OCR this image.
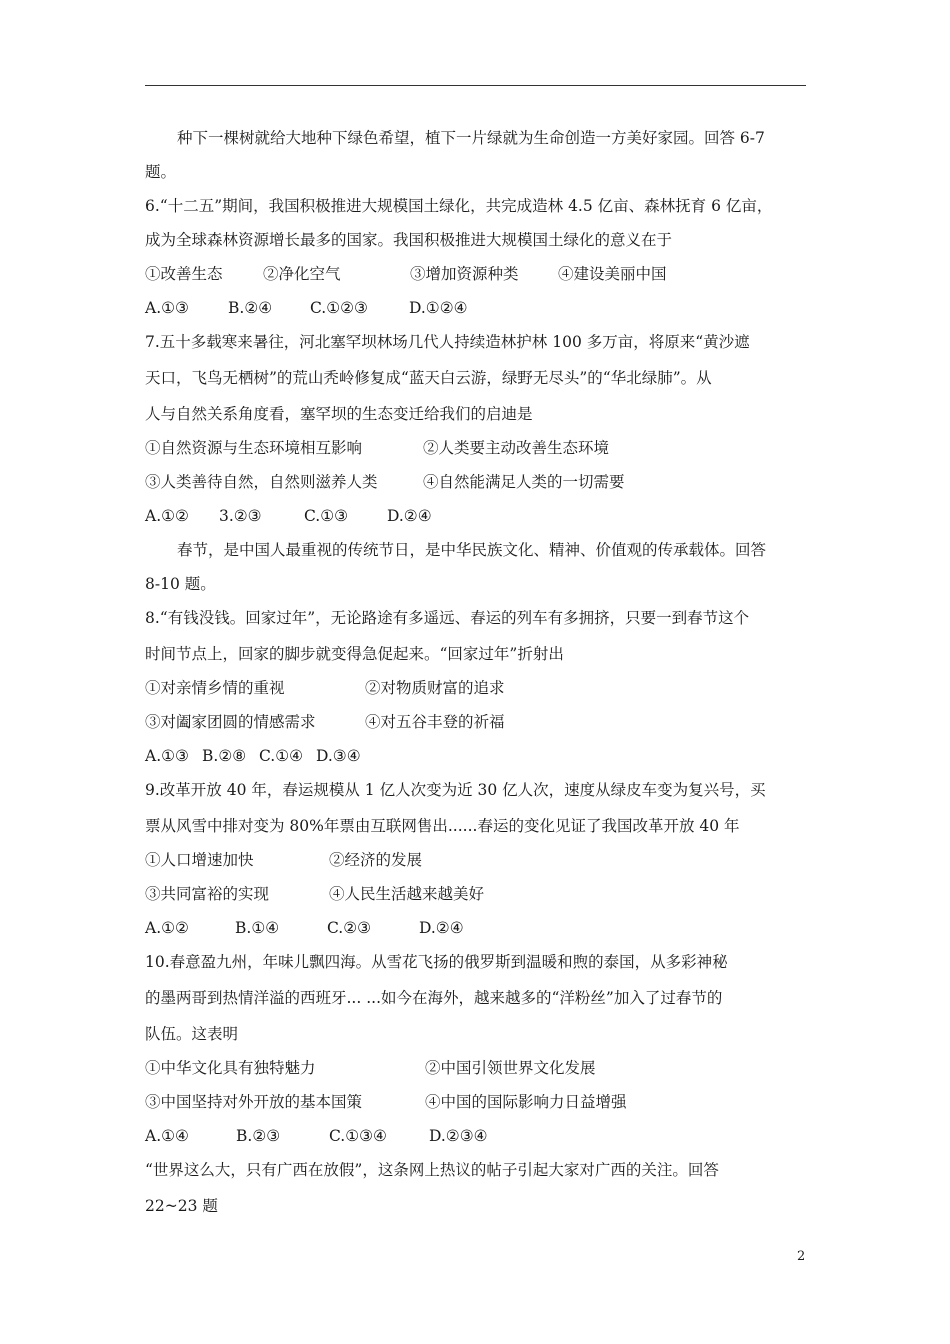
种下一棵树就给大地种下绿色希望，植下一片绿就为生命创造一方美好家园。回答 6-7
题。
6.“十二五”期间，我国积极推进大规模国土绿化，共完成造林 4.5 亿亩、森林抚育 6 亿亩，
成为全球森林资源增长最多的国家。我国积极推进大规模国土绿化的意义在于
①改善生态	②净化空气	③增加资源种类	④建设美丽中国
A.①③	B.②④ C.①②③	D.①②④
7.五十多载寒来暑往，河北塞罕坝林场几代人持续造林护林 100 多万亩，将原来“黄沙遮
天口，飞鸟无栖树”的荒山秃岭修复成“蓝天白云游，绿野无尽头”的“华北绿肺”。从
人与自然关系角度看，塞罕坝的生态变迁给我们的启迪是
①自然资源与生态环境相互影响	②人类要主动改善生态环境
③人类善待自然，自然则滋养人类	④自然能满足人类的一切需要
A.①② 3.②③	C.①③	D.②④
春节，是中国人最重视的传统节日，是中华民族文化、精神、价值观的传承载体。回答
8-10 题。
8.“有钱没钱。回家过年”，无论路途有多遥远、春运的列车有多拥挤，只要一到春节这个
时间节点上，回家的脚步就变得急促起来。“回家过年”折射出
①对亲情乡情的重视	②对物质财富的追求
③对阖家团圆的情感需求	④对五谷丰登的祈福
A.①③ B.②⑧ C.①④ D.③④
9.改革开放 40 年，春运规模从 1 亿人次变为近 30 亿人次，速度从绿皮车变为复兴号，买
票从风雪中排对变为 80%年票由互联网售出......春运的变化见证了我国改革开放 40 年
①人口增速加快	②经济的发展
③共同富裕的实现	④人民生活越来越美好
A.①②	B.①④	C.②③	D.②④
10.春意盈九州，年味儿飘四海。从雪花飞扬的俄罗斯到温暖和煦的泰国，从多彩神秘
的墨两哥到热情洋溢的西班牙... ...如今在海外，越来越多的“洋粉丝”加入了过春节的
队伍。这表明
①中华文化具有独特魅力	②中国引领世界文化发展
③中国坚持对外开放的基本国策	④中国的国际影响力日益增强
A.①④	B.②③	C.①③④	D.②③④
“世界这么大，只有广西在放假”，这条网上热议的帖子引起大家对广西的关注。回答
22~23 题
2
